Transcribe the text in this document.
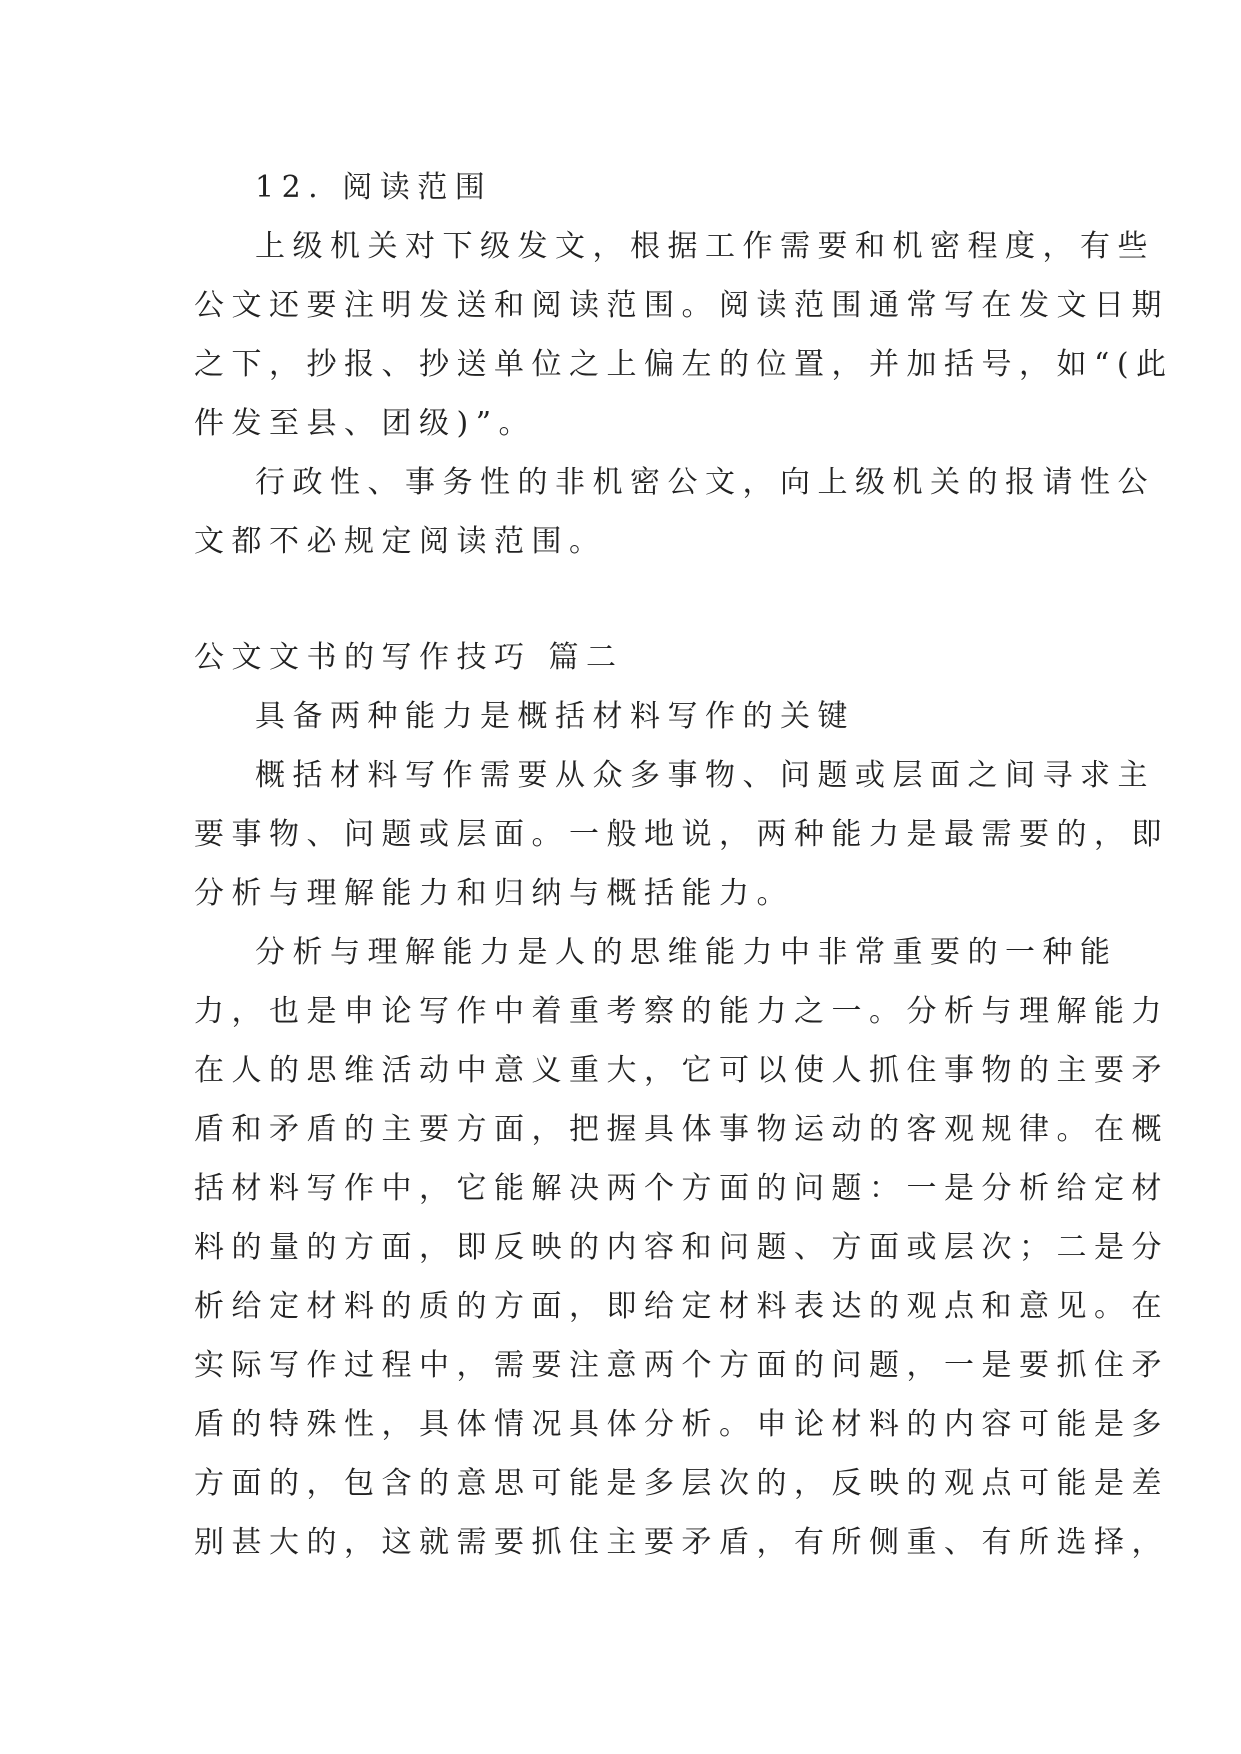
12. 阅读范围
上级机关对下级发文，根据工作需要和机密程度，有些
公文还要注明发送和阅读范围。阅读范围通常写在发文日期
之下，抄报、抄送单位之上偏左的位置，并加括号，如“(此
件发至县、团级)”。
行政性、事务性的非机密公文，向上级机关的报请性公
文都不必规定阅读范围。
公文文书的写作技巧 篇二
具备两种能力是概括材料写作的关键
概括材料写作需要从众多事物、问题或层面之间寻求主
要事物、问题或层面。一般地说，两种能力是最需要的，即
分析与理解能力和归纳与概括能力。
分析与理解能力是人的思维能力中非常重要的一种能
力，也是申论写作中着重考察的能力之一。分析与理解能力
在人的思维活动中意义重大，它可以使人抓住事物的主要矛
盾和矛盾的主要方面，把握具体事物运动的客观规律。在概
括材料写作中，它能解决两个方面的问题：一是分析给定材
料的量的方面，即反映的内容和问题、方面或层次；二是分
析给定材料的质的方面，即给定材料表达的观点和意见。在
实际写作过程中，需要注意两个方面的问题，一是要抓住矛
盾的特殊性，具体情况具体分析。申论材料的内容可能是多
方面的，包含的意思可能是多层次的，反映的观点可能是差
别甚大的，这就需要抓住主要矛盾，有所侧重、有所选择，
